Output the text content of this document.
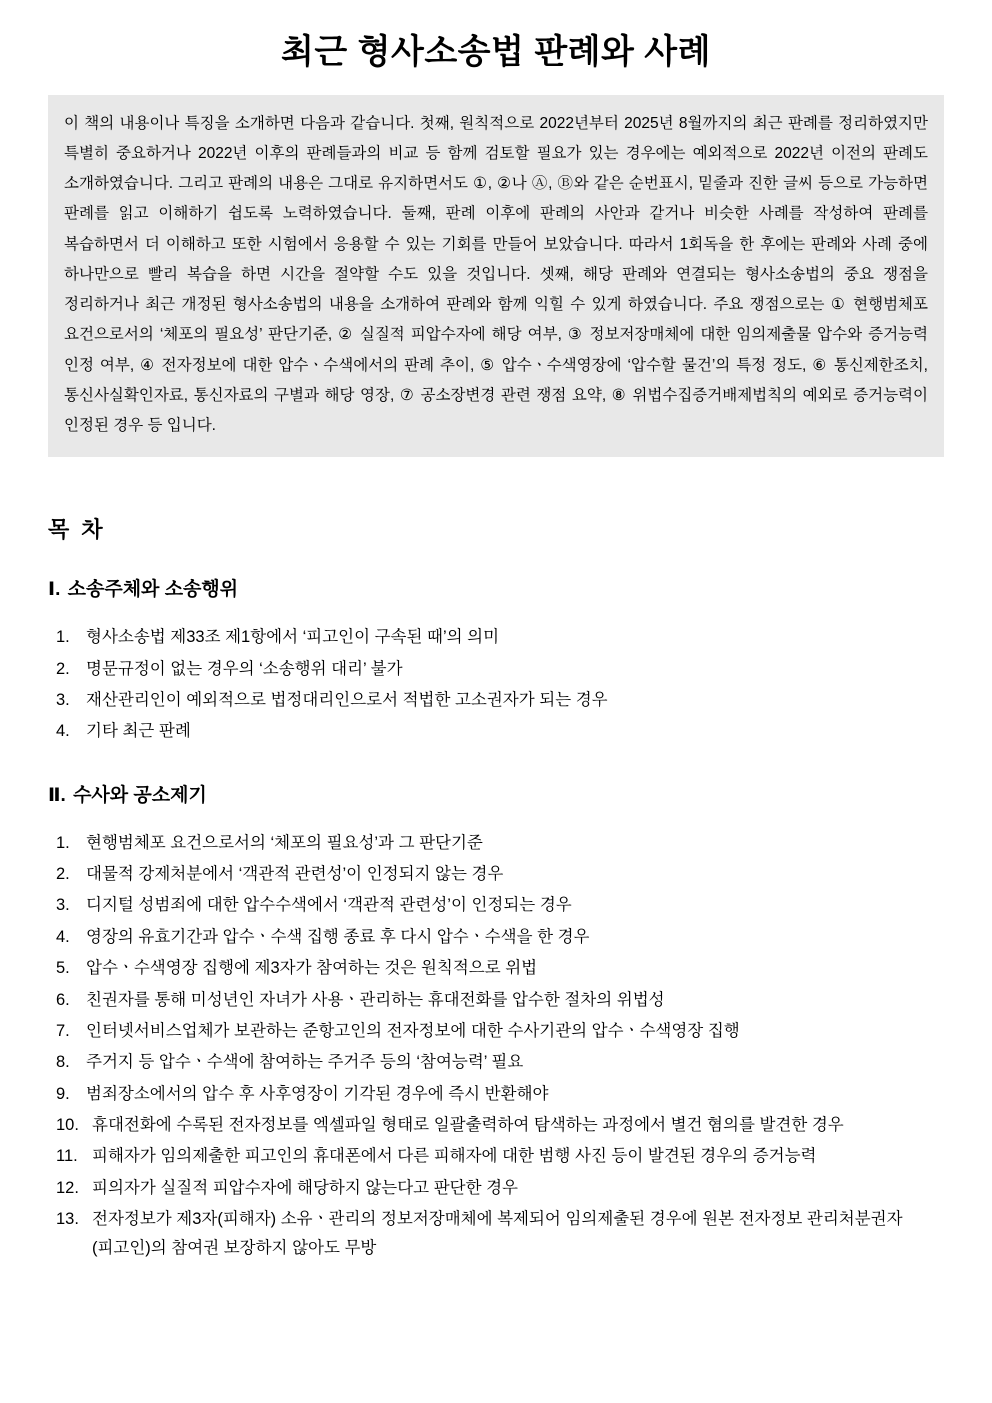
최근 형사소송법 판례와 사례

이 책의 내용이나 특징을 소개하면 다음과 같습니다. 첫째, 원칙적으로 2022년부터 2025년 8월까지의 최근 판례를 정리하였지만 특별히 중요하거나 2022년 이후의 판례들과의 비교 등 함께 검토할 필요가 있는 경우에는 예외적으로 2022년 이전의 판례도 소개하였습니다. 그리고 판례의 내용은 그대로 유지하면서도 ①, ②나 Ⓐ, Ⓑ와 같은 순번표시, 밑줄과 진한 글씨 등으로 가능하면 판례를 읽고 이해하기 쉽도록 노력하였습니다. 둘째, 판례 이후에 판례의 사안과 같거나 비슷한 사례를 작성하여 판례를 복습하면서 더 이해하고 또한 시험에서 응용할 수 있는 기회를 만들어 보았습니다. 따라서 1회독을 한 후에는 판례와 사례 중에 하나만으로 빨리 복습을 하면 시간을 절약할 수도 있을 것입니다. 셋째, 해당 판례와 연결되는 형사소송법의 중요 쟁점을 정리하거나 최근 개정된 형사소송법의 내용을 소개하여 판례와 함께 익힐 수 있게 하였습니다. 주요 쟁점으로는 ① 현행범체포 요건으로서의 ‘체포의 필요성’ 판단기준, ② 실질적 피압수자에 해당 여부, ③ 정보저장매체에 대한 임의제출물 압수와 증거능력 인정 여부, ④ 전자정보에 대한 압수ㆍ수색에서의 판례 추이, ⑤ 압수ㆍ수색영장에 ‘압수할 물건’의 특정 정도, ⑥ 통신제한조치, 통신사실확인자료, 통신자료의 구별과 해당 영장, ⑦ 공소장변경 관련 쟁점 요약, ⑧ 위법수집증거배제법칙의 예외로 증거능력이 인정된 경우 등 입니다.

목 차
Ⅰ. 소송주체와 소송행위
1. 형사소송법 제33조 제1항에서 ‘피고인이 구속된 때’의 의미
2. 명문규정이 없는 경우의 ‘소송행위 대리’ 불가
3. 재산관리인이 예외적으로 법정대리인으로서 적법한 고소권자가 되는 경우
4. 기타 최근 판례
Ⅱ. 수사와 공소제기
1. 현행범체포 요건으로서의 ‘체포의 필요성’과 그 판단기준
2. 대물적 강제처분에서 ‘객관적 관련성’이 인정되지 않는 경우
3. 디지털 성범죄에 대한 압수수색에서 ‘객관적 관련성’이 인정되는 경우
4. 영장의 유효기간과 압수ㆍ수색 집행 종료 후 다시 압수ㆍ수색을 한 경우
5. 압수ㆍ수색영장 집행에 제3자가 참여하는 것은 원칙적으로 위법
6. 친권자를 통해 미성년인 자녀가 사용ㆍ관리하는 휴대전화를 압수한 절차의 위법성
7. 인터넷서비스업체가 보관하는 준항고인의 전자정보에 대한 수사기관의 압수ㆍ수색영장 집행
8. 주거지 등 압수ㆍ수색에 참여하는 주거주 등의 ‘참여능력’ 필요
9. 범죄장소에서의 압수 후 사후영장이 기각된 경우에 즉시 반환해야
10. 휴대전화에 수록된 전자정보를 엑셀파일 형태로 일괄출력하여 탐색하는 과정에서 별건 혐의를 발견한 경우
11. 피해자가 임의제출한 피고인의 휴대폰에서 다른 피해자에 대한 범행 사진 등이 발견된 경우의 증거능력
12. 피의자가 실질적 피압수자에 해당하지 않는다고 판단한 경우
13. 전자정보가 제3자(피해자) 소유ㆍ관리의 정보저장매체에 복제되어 임의제출된 경우에 원본 전자정보 관리처분권자(피고인)의 참여권 보장하지 않아도 무방
